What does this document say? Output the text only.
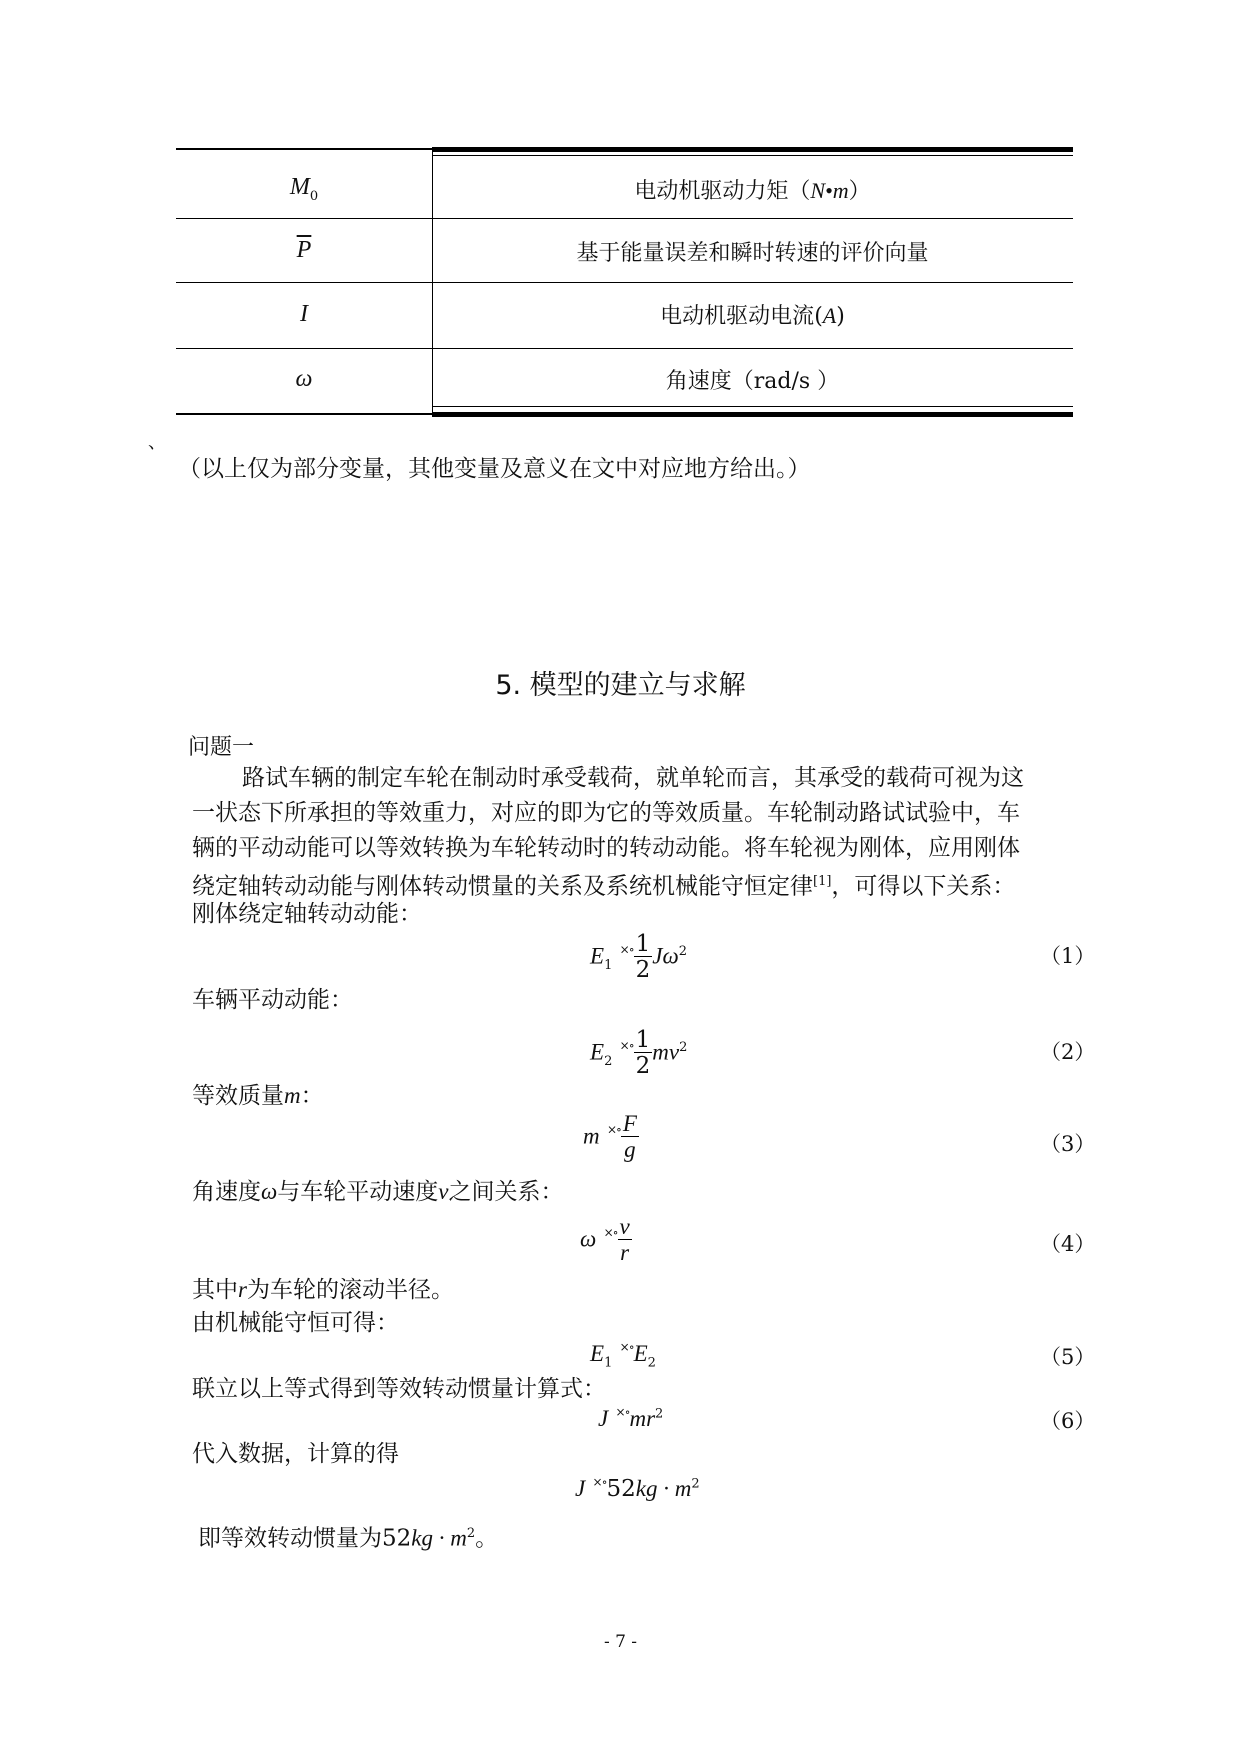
$M_0$	电动机驱动力矩（N•m）
$\overline{P}$	基于能量误差和瞬时转速的评价向量
I	电动机驱动电流(A)
ω	角速度（rad/s ）
、
（以上仅为部分变量，其他变量及意义在文中对应地方给出。）
5. 模型的建立与求解
问题一
路试车辆的制定车轮在制动时承受载荷，就单轮而言，其承受的载荷可视为这
一状态下所承担的等效重力，对应的即为它的等效质量。车轮制动路试试验中，车
辆的平动动能可以等效转换为车轮转动时的转动动能。将车轮视为刚体，应用刚体
绕定轴转动动能与刚体转动惯量的关系及系统机械能守恒定律[1]，可得以下关系：
刚体绕定轴转动动能：
$E_1$ $^{\times\circ} \frac{1}{2} J\omega^2$	（1）
车辆平动动能：
$E_2$ $^{\times\circ} \frac{1}{2} mv^2$	（2）
等效质量m：
m $^{\times\circ} \frac{F}{g}$	（3）
角速度ω与车轮平动速度v之间关系：
ω $^{\times\circ} \frac{v}{r}$	（4）
其中r为车轮的滚动半径。
由机械能守恒可得：
$E_1$ $^{\times\circ}E_2$	（5）
联立以上等式得到等效转动惯量计算式：
J $^{\times\circ}mr^2$	（6）
代入数据，计算的得
J $^{\times\circ}52kg \cdot m^2$
即等效转动惯量为$52kg \cdot m^2$。
- 7 -
